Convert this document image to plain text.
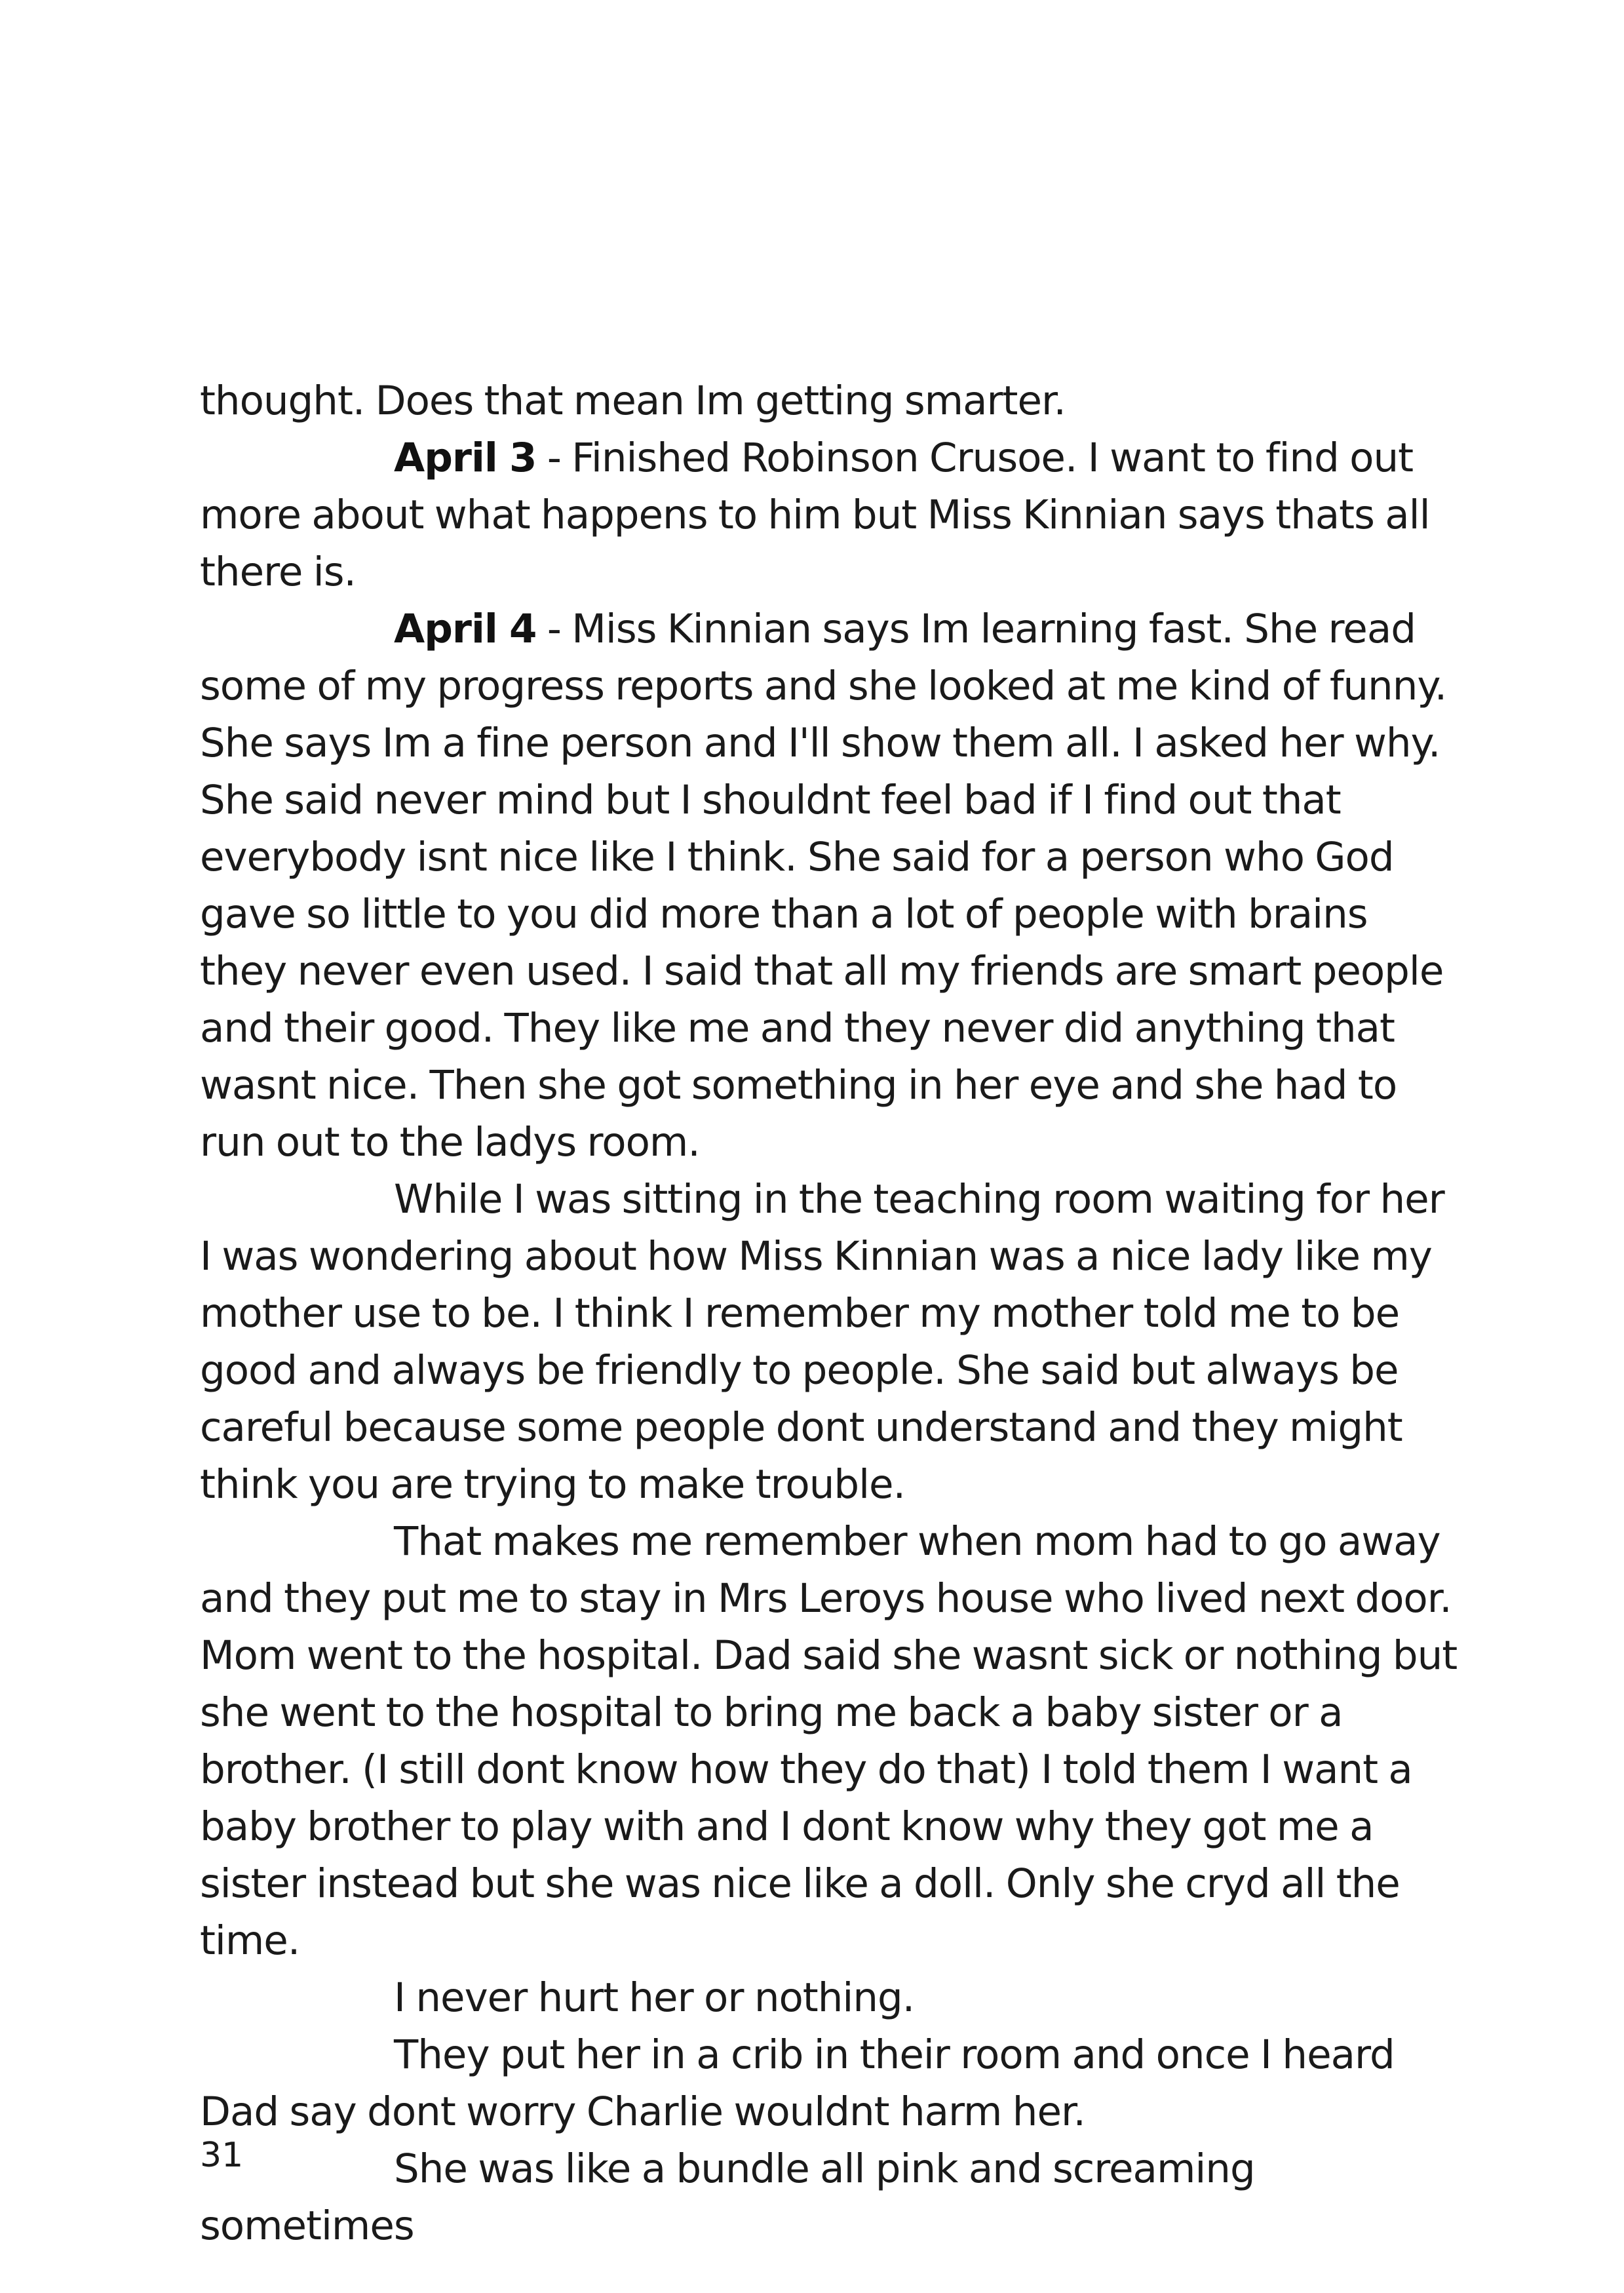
thought. Does that mean Im getting smarter.

April 3 - Finished Robinson Crusoe. I want to find out more about what happens to him but Miss Kinnian says thats all there is.

April 4 - Miss Kinnian says Im learning fast. She read some of my progress reports and she looked at me kind of funny. She says Im a fine person and I'll show them all. I asked her why. She said never mind but I shouldnt feel bad if I find out that everybody isnt nice like I think. She said for a person who God gave so little to you did more than a lot of people with brains they never even used. I said that all my friends are smart people and their good. They like me and they never did anything that wasnt nice. Then she got something in her eye and she had to run out to the ladys room.

While I was sitting in the teaching room waiting for her I was wondering about how Miss Kinnian was a nice lady like my mother use to be. I think I remember my mother told me to be good and always be friendly to people. She said but always be careful because some people dont understand and they might think you are trying to make trouble.

That makes me remember when mom had to go away and they put me to stay in Mrs Leroys house who lived next door. Mom went to the hospital. Dad said she wasnt sick or nothing but she went to the hospital to bring me back a baby sister or a brother. (I still dont know how they do that) I told them I want a baby brother to play with and I dont know why they got me a sister instead but she was nice like a doll. Only she cryd all the time.

I never hurt her or nothing.

They put her in a crib in their room and once I heard Dad say dont worry Charlie wouldnt harm her.

She was like a bundle all pink and screaming sometimes

31
